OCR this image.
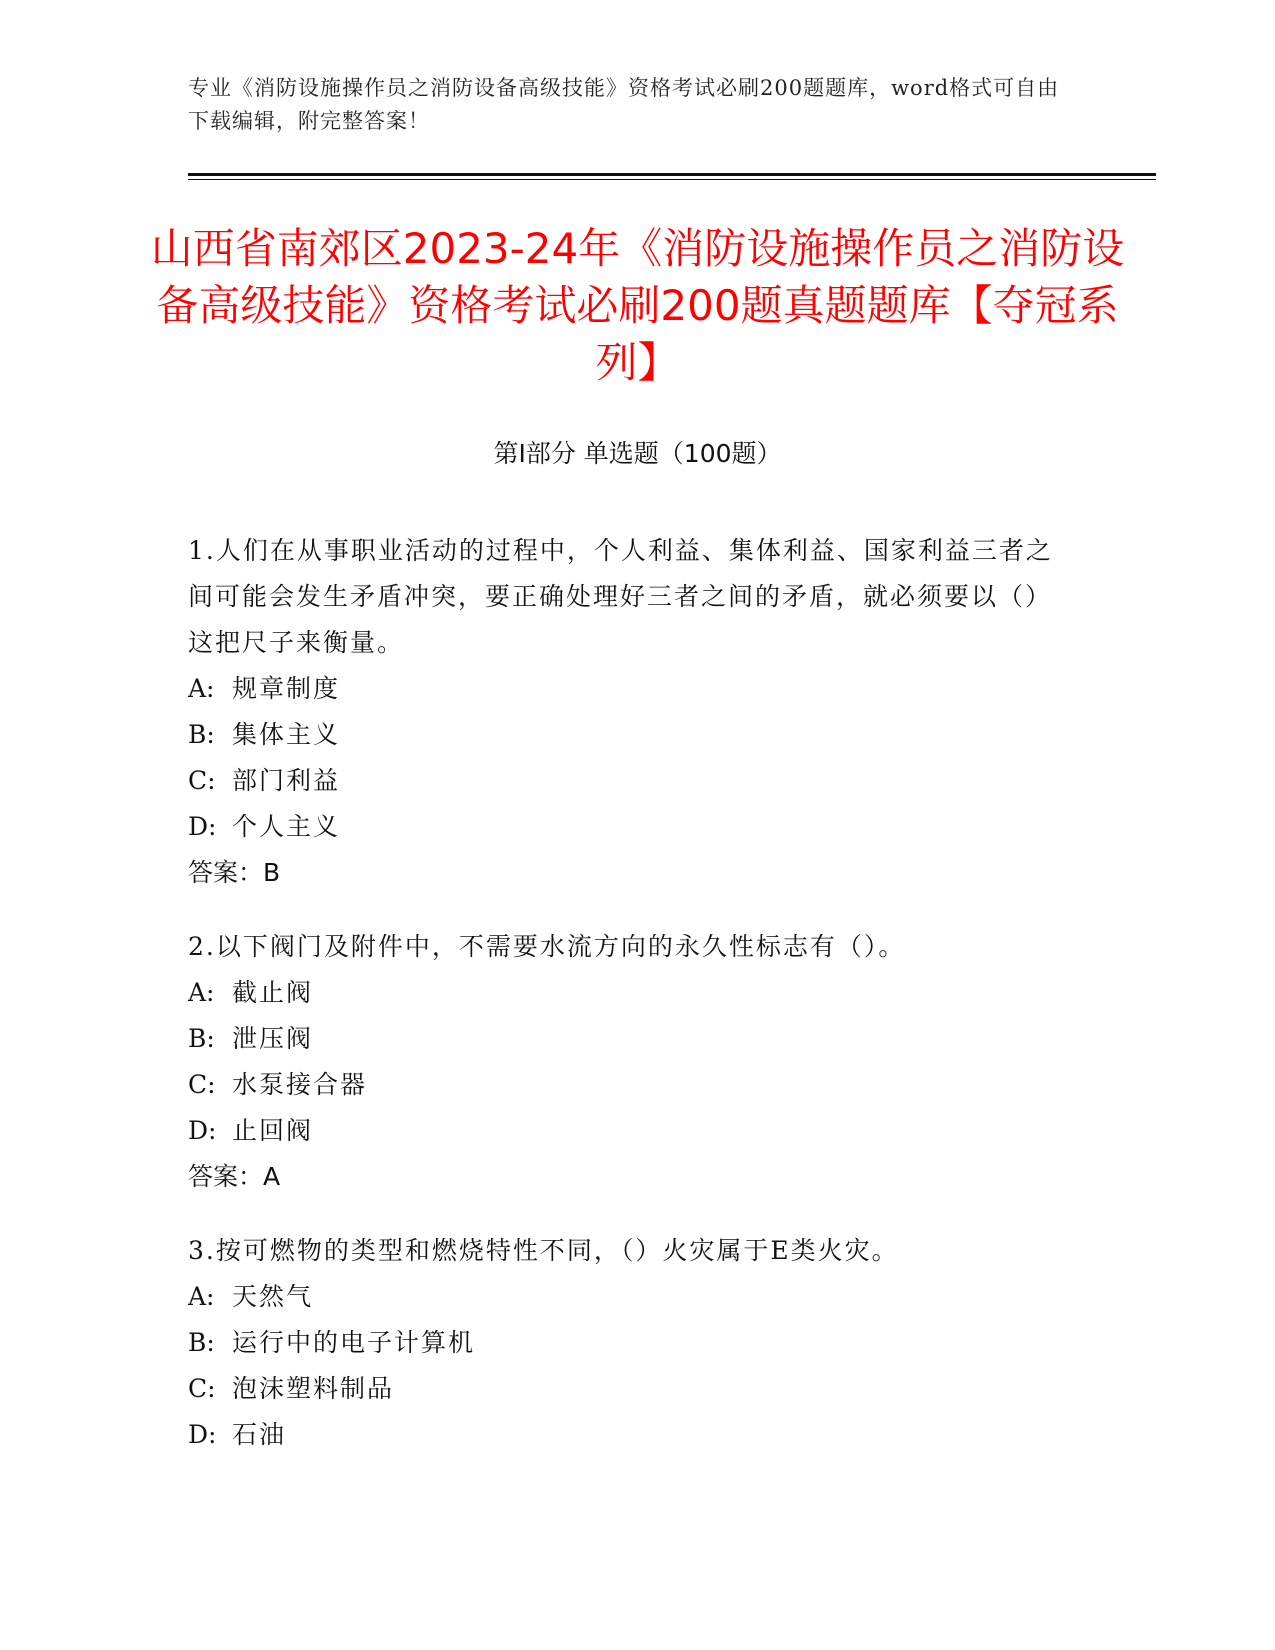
专业《消防设施操作员之消防设备高级技能》资格考试必刷200题题库，word格式可自由下载编辑，附完整答案！
山西省南郊区2023-24年《消防设施操作员之消防设备高级技能》资格考试必刷200题真题题库【夺冠系列】
第I部分 单选题（100题）

1.人们在从事职业活动的过程中，个人利益、集体利益、国家利益三者之间可能会发生矛盾冲突，要正确处理好三者之间的矛盾，就必须要以（）这把尺子来衡量。

A: 规章制度

B: 集体主义

C: 部门利益

D: 个人主义

答案：B

2.以下阀门及附件中，不需要水流方向的永久性标志有（）。

A: 截止阀

B: 泄压阀

C: 水泵接合器

D: 止回阀

答案：A

3.按可燃物的类型和燃烧特性不同，（）火灾属于E类火灾。

A: 天然气

B: 运行中的电子计算机

C: 泡沫塑料制品

D: 石油
